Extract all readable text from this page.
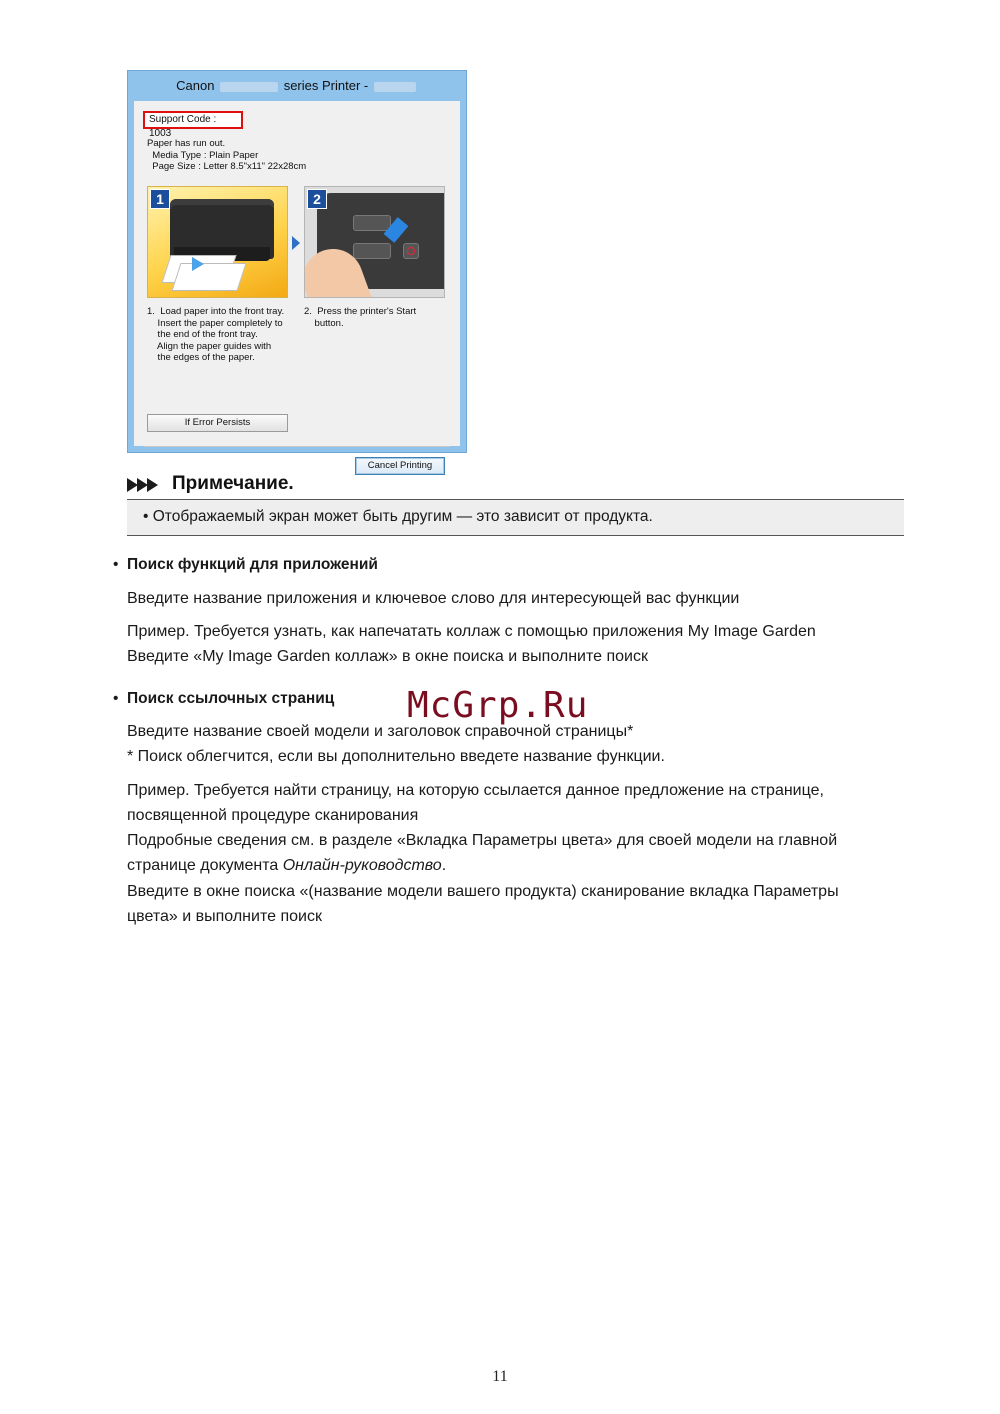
Canon	series Printer -
Support Code : 1003
Paper has run out.
Media Type : Plain Paper
Page Size : Letter 8.5"x11" 22x28cm
1	2
1.  Load paper into the front tray.
Insert the paper completely to
the end of the front tray.
Align the paper guides with
the edges of the paper.
2.  Press the printer's Start
button.
If Error Persists
Cancel Printing
Примечание.
• Отображаемый экран может быть другим — это зависит от продукта.
• Поиск функций для приложений
Введите название приложения и ключевое слово для интересующей вас функции
Пример. Требуется узнать, как напечатать коллаж с помощью приложения My Image Garden
Введите «My Image Garden коллаж» в окне поиска и выполните поиск
• Поиск ссылочных страниц
Введите название своей модели и заголовок справочной страницы*
* Поиск облегчится, если вы дополнительно введете название функции.
Пример. Требуется найти страницу, на которую ссылается данное предложение на странице,
посвященной процедуре сканирования
Подробные сведения см. в разделе «Вкладка Параметры цвета» для своей модели на главной
странице документа Онлайн-руководство.
Введите в окне поиска «(название модели вашего продукта) сканирование вкладка Параметры
цвета» и выполните поиск
McGrp.Ru
11
